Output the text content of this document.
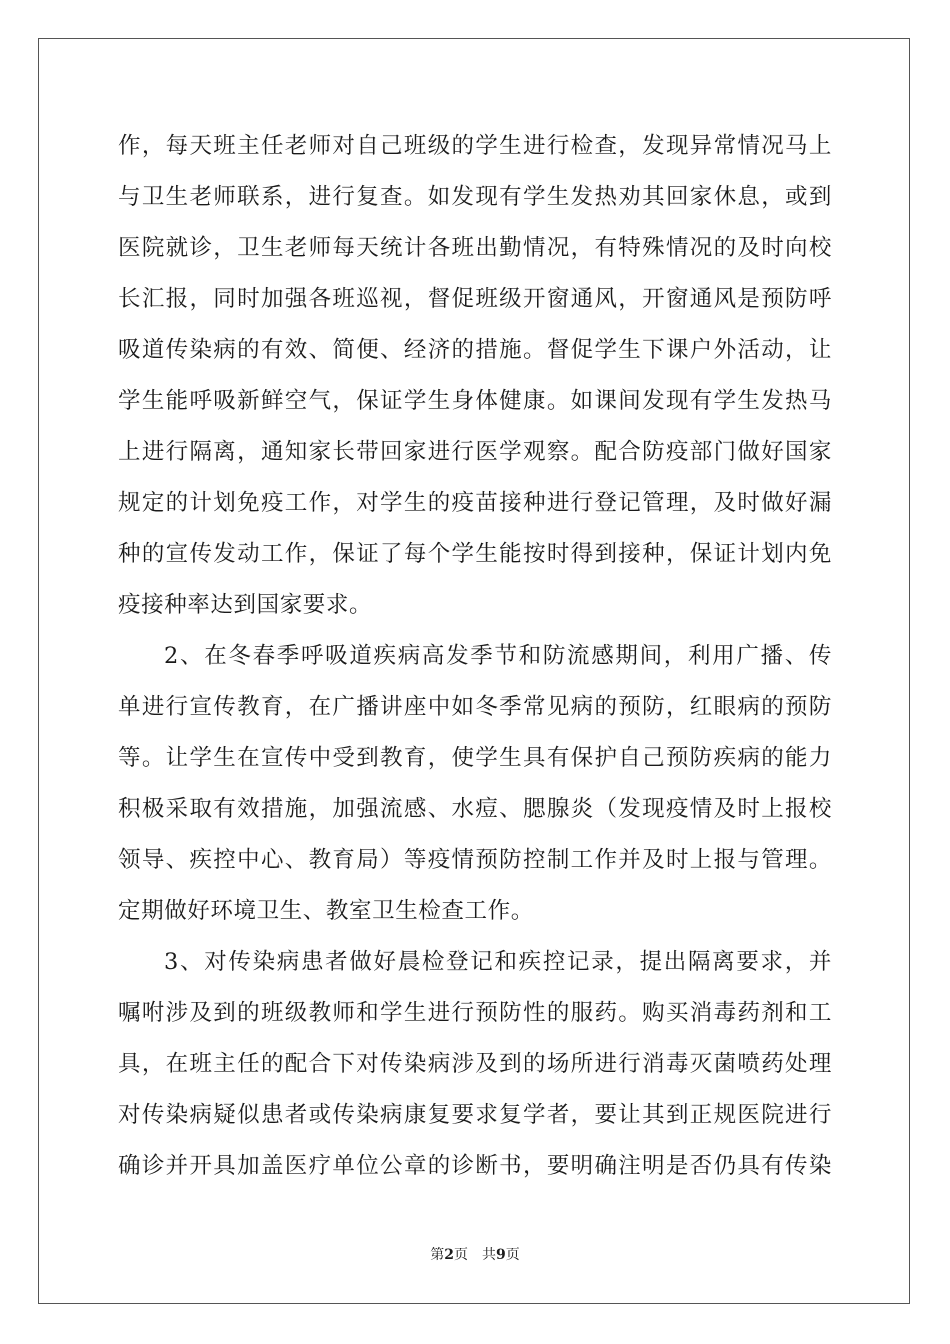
作，每天班主任老师对自己班级的学生进行检查，发现异常情况马上
与卫生老师联系，进行复查。如发现有学生发热劝其回家休息，或到
医院就诊，卫生老师每天统计各班出勤情况，有特殊情况的及时向校
长汇报，同时加强各班巡视，督促班级开窗通风，开窗通风是预防呼
吸道传染病的有效、简便、经济的措施。督促学生下课户外活动，让
学生能呼吸新鲜空气，保证学生身体健康。如课间发现有学生发热马
上进行隔离，通知家长带回家进行医学观察。配合防疫部门做好国家
规定的计划免疫工作，对学生的疫苗接种进行登记管理，及时做好漏
种的宣传发动工作，保证了每个学生能按时得到接种，保证计划内免
疫接种率达到国家要求。
2、在冬春季呼吸道疾病高发季节和防流感期间，利用广播、传
单进行宣传教育，在广播讲座中如冬季常见病的预防，红眼病的预防
等。让学生在宣传中受到教育，使学生具有保护自己预防疾病的能力
积极采取有效措施，加强流感、水痘、腮腺炎（发现疫情及时上报校
领导、疾控中心、教育局）等疫情预防控制工作并及时上报与管理。
定期做好环境卫生、教室卫生检查工作。
3、对传染病患者做好晨检登记和疾控记录，提出隔离要求，并
嘱咐涉及到的班级教师和学生进行预防性的服药。购买消毒药剂和工
具，在班主任的配合下对传染病涉及到的场所进行消毒灭菌喷药处理
对传染病疑似患者或传染病康复要求复学者，要让其到正规医院进行
确诊并开具加盖医疗单位公章的诊断书，要明确注明是否仍具有传染
第2页 共9页
